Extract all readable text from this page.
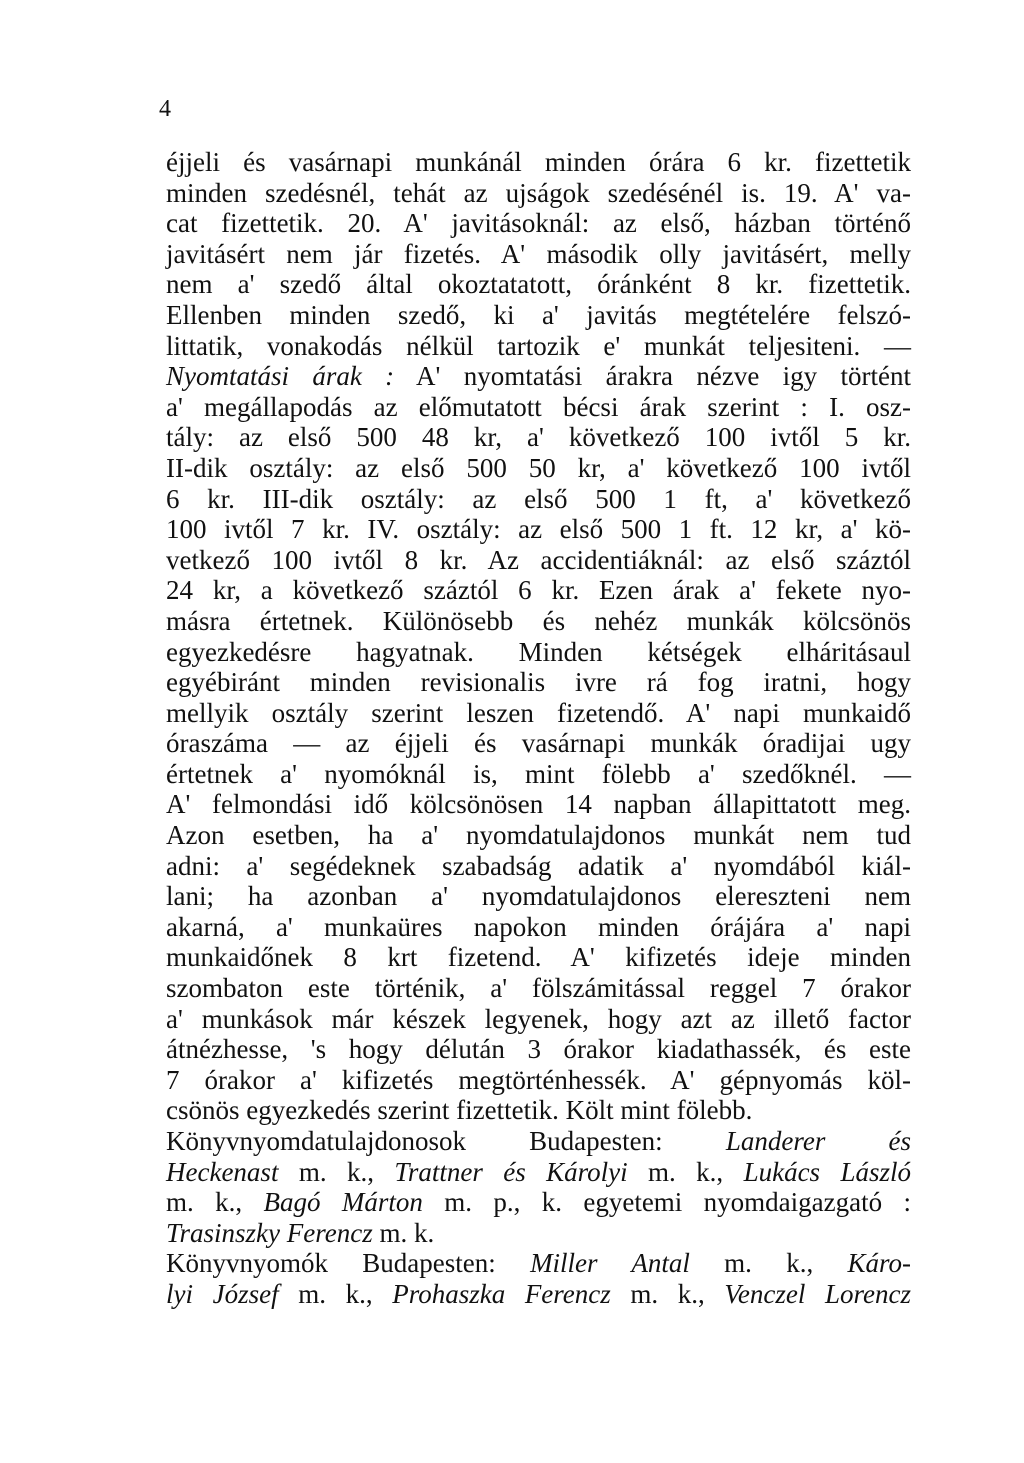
4
éjjeli és vasárnapi munkánál minden órára 6 kr. fizettetik
minden szedésnél, tehát az ujságok szedésénél is. 19. A' va-
cat fizettetik. 20. A' javitásoknál: az első, házban történő
javitásért nem jár fizetés. A' második olly javitásért, melly
nem a' szedő által okoztatatott, óránként 8 kr. fizettetik.
Ellenben minden szedő, ki a' javitás megtételére felszó-
littatik, vonakodás nélkül tartozik e' munkát teljesiteni. —
Nyomtatási árak : A' nyomtatási árakra nézve igy történt
a' megállapodás az előmutatott bécsi árak szerint : I. osz-
tály: az első 500 48 kr, a' következő 100 ivtől 5 kr.
II-dik osztály: az első 500 50 kr, a' következő 100 ivtől
6 kr. III-dik osztály: az első 500 1 ft, a' következő
100 ivtől 7 kr. IV. osztály: az első 500 1 ft. 12 kr, a' kö-
vetkező 100 ivtől 8 kr. Az accidentiáknál: az első száztól
24 kr, a következő száztól 6 kr. Ezen árak a' fekete nyo-
másra értetnek. Különösebb és nehéz munkák kölcsönös
egyezkedésre hagyatnak. Minden kétségek elháritásaul
egyébiránt minden revisionalis ivre rá fog iratni, hogy
mellyik osztály szerint leszen fizetendő. A' napi munkaidő
óraszáma — az éjjeli és vasárnapi munkák óradijai ugy
értetnek a' nyomóknál is, mint fölebb a' szedőknél. —
A' felmondási idő kölcsönösen 14 napban állapittatott meg.
Azon esetben, ha a' nyomdatulajdonos munkát nem tud
adni: a' segédeknek szabadság adatik a' nyomdából kiál-
lani; ha azonban a' nyomdatulajdonos elereszteni nem
akarná, a' munkaüres napokon minden órájára a' napi
munkaidőnek 8 krt fizetend. A' kifizetés ideje minden
szombaton este történik, a' fölszámitással reggel 7 órakor
a' munkások már készek legyenek, hogy azt az illető factor
átnézhesse, 's hogy délután 3 órakor kiadathassék, és este
7 órakor a' kifizetés megtörténhessék. A' gépnyomás köl-
csönös egyezkedés szerint fizettetik. Költ mint fölebb.
Könyvnyomdatulajdonosok Budapesten: Landerer és
Heckenast m. k., Trattner és Károlyi m. k., Lukács László
m. k., Bagó Márton m. p., k. egyetemi nyomdaigazgató :
Trasinszky Ferencz m. k.
Könyvnyomók Budapesten: Miller Antal m. k., Káro-
lyi József m. k., Prohaszka Ferencz m. k., Venczel Lorencz
